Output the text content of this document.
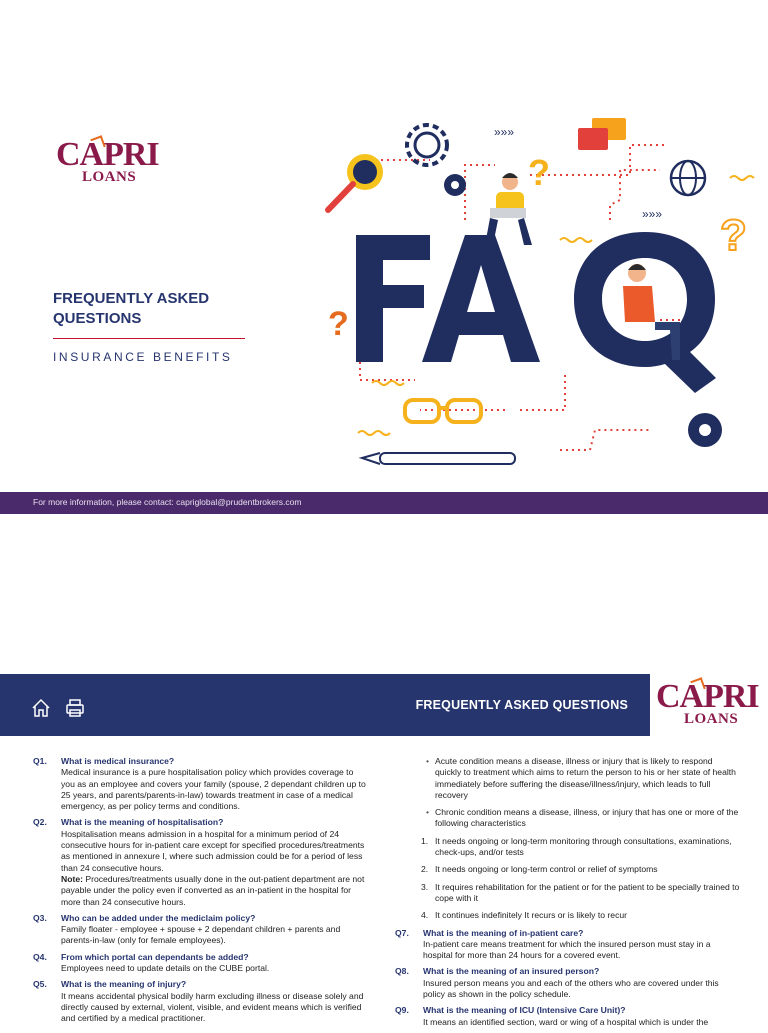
CAPRI
LOANS
FREQUENTLY ASKED QUESTIONS
INSURANCE BENEFITS
?
?
?
»»»
»»»
For more information, please contact: capriglobal@prudentbrokers.com
FREQUENTLY ASKED QUESTIONS CAPRI
LOANS
Q1. What is medical insurance?
Medical insurance is a pure hospitalisation policy which provides coverage to you as an employee and covers your family (spouse, 2 dependant children up to 25 years, and parents/parents-in-law) towards treatment in case of a medical emergency, as per policy terms and conditions.
Q2. What is the meaning of hospitalisation?
Hospitalisation means admission in a hospital for a minimum period of 24 consecutive hours for in-patient care except for specified procedures/treatments as mentioned in annexure I, where such admission could be for a period of less than 24 consecutive hours.
Note: Procedures/treatments usually done in the out-patient department are not payable under the policy even if converted as an in-patient in the hospital for more than 24 consecutive hours.
Q3. Who can be added under the mediclaim policy?
Family floater - employee + spouse + 2 dependant children + parents and parents-in-law (only for female employees).
Q4. From which portal can dependants be added?
Employees need to update details on the CUBE portal.
Q5. What is the meaning of injury?
It means accidental physical bodily harm excluding illness or disease solely and directly caused by external, violent, visible, and evident means which is verified and certified by a medical practitioner.
• Acute condition means a disease, illness or injury that is likely to respond quickly to treatment which aims to return the person to his or her state of health immediately before suffering the disease/illness/injury, which leads to full recovery
• Chronic condition means a disease, illness, or injury that has one or more of the following characteristics
1. It needs ongoing or long-term monitoring through consultations, examinations, check-ups, and/or tests
2. It needs ongoing or long-term control or relief of symptoms
3. It requires rehabilitation for the patient or for the patient to be specially trained to cope with it
4. It continues indefinitely It recurs or is likely to recur
Q7. What is the meaning of in-patient care?
In-patient care means treatment for which the insured person must stay in a hospital for more than 24 hours for a covered event.
Q8. What is the meaning of an insured person?
Insured person means you and each of the others who are covered under this policy as shown in the policy schedule.
Q9. What is the meaning of ICU (Intensive Care Unit)?
It means an identified section, ward or wing of a hospital which is under the
